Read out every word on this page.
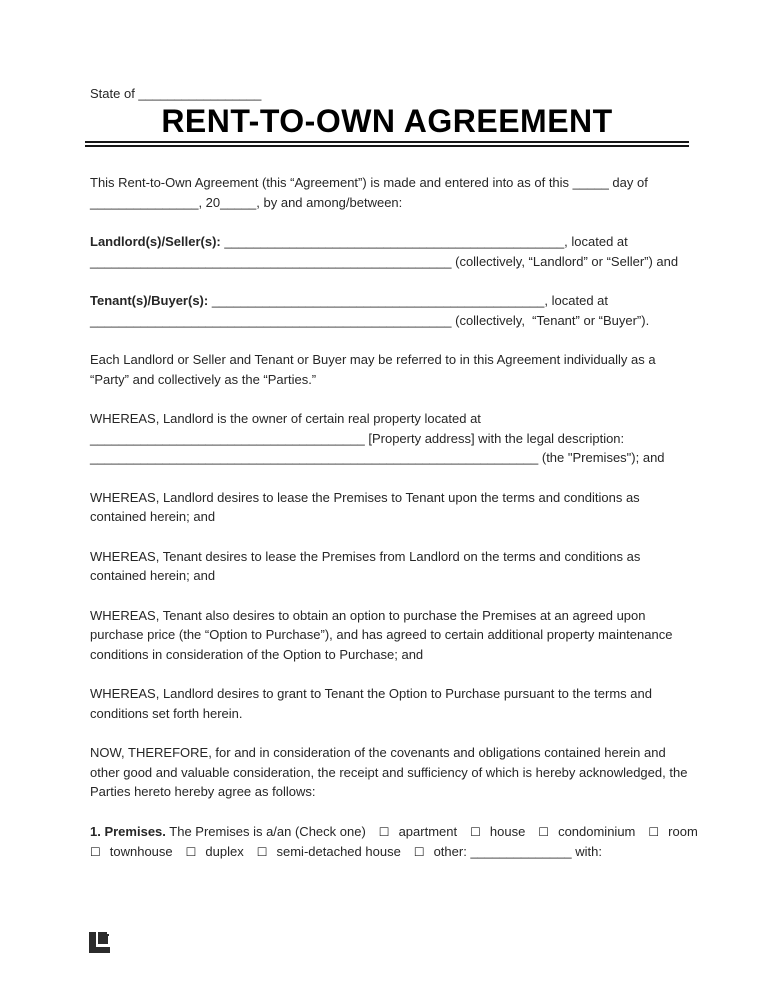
State of _________________
RENT-TO-OWN AGREEMENT

This Rent-to-Own Agreement (this “Agreement”) is made and entered into as of this _____ day of
_______________, 20_____, by and among/between:

Landlord(s)/Seller(s): _______________________________________________, located at
__________________________________________________ (collectively, “Landlord” or “Seller”) and

Tenant(s)/Buyer(s): ______________________________________________, located at
__________________________________________________ (collectively,  “Tenant” or “Buyer”).

Each Landlord or Seller and Tenant or Buyer may be referred to in this Agreement individually as a
“Party” and collectively as the “Parties.”

WHEREAS, Landlord is the owner of certain real property located at
______________________________________ [Property address] with the legal description:
______________________________________________________________ (the "Premises"); and

WHEREAS, Landlord desires to lease the Premises to Tenant upon the terms and conditions as
contained herein; and

WHEREAS, Tenant desires to lease the Premises from Landlord on the terms and conditions as
contained herein; and

WHEREAS, Tenant also desires to obtain an option to purchase the Premises at an agreed upon
purchase price (the “Option to Purchase”), and has agreed to certain additional property maintenance
conditions in consideration of the Option to Purchase; and

WHEREAS, Landlord desires to grant to Tenant the Option to Purchase pursuant to the terms and
conditions set forth herein.

NOW, THEREFORE, for and in consideration of the covenants and obligations contained herein and
other good and valuable consideration, the receipt and sufficiency of which is hereby acknowledged, the
Parties hereto hereby agree as follows:

1. Premises. The Premises is a/an (Check one) ☐ apartment ☐ house ☐ condominium ☐ room
☐ townhouse ☐ duplex ☐ semi-detached house ☐ other: ______________ with:
